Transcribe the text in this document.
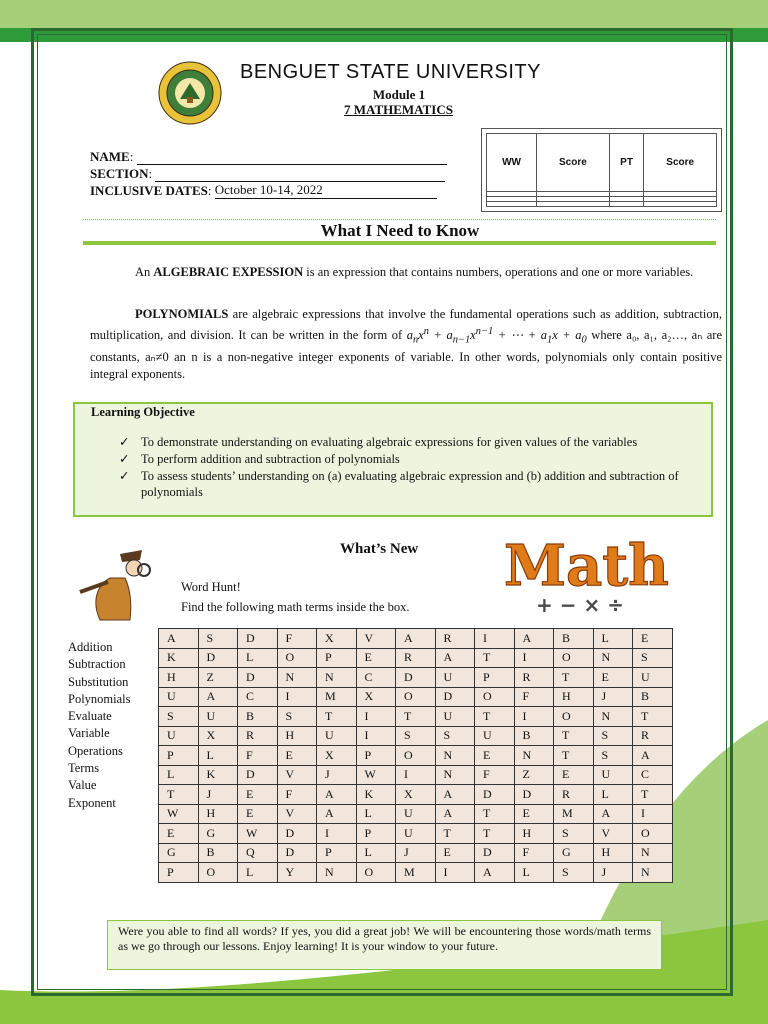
BENGUET STATE UNIVERSITY
Module 1
7 MATHEMATICS
WW	Score	PT	Score

NAME:
SECTION:
INCLUSIVE DATES: October 10-14, 2022
What I Need to Know
An ALGEBRAIC EXPESSION is an expression that contains numbers, operations and one or more variables.
POLYNOMIALS are algebraic expressions that involve the fundamental operations such as addition, subtraction, multiplication, and division. It can be written in the form of $a_nx^n + a_{n-1}x^{n-1}$ + ⋯ + $a_1x + a_0$ where a₀, a₁, a₂…, aₙ are constants, aₙ≠0 an n is a non-negative integer exponents of variable. In other words, polynomials only contain positive integral exponents.
Learning Objective
✓ To demonstrate understanding on evaluating algebraic expressions for given values of the variables
✓ To perform addition and subtraction of polynomials
✓ To assess students’ understanding on (a) evaluating algebraic expression and (b) addition and subtraction of polynomials
What’s New	Math
+ − × ÷
Word Hunt!
Find the following math terms inside the box.
Addition
Subtraction
Substitution
Polynomials
Evaluate
Variable
Operations
Terms
Value
Exponent
A	S	D	F	X	V	A	R	I	A	B	L	E
K	D	L	O	P	E	R	A	T	I	O	N	S
H	Z	D	N	N	C	D	U	P	R	T	E	U
U	A	C	I	M	X	O	D	O	F	H	J	B
S	U	B	S	T	I	T	U	T	I	O	N	T
U	X	R	H	U	I	S	S	U	B	T	S	R
P	L	F	E	X	P	O	N	E	N	T	S	A
L	K	D	V	J	W	I	N	F	Z	E	U	C
T	J	E	F	A	K	X	A	D	D	R	L	T
W	H	E	V	A	L	U	A	T	E	M	A	I
E	G	W	D	I	P	U	T	T	H	S	V	O
G	B	Q	D	P	L	J	E	D	F	G	H	N
P	O	L	Y	N	O	M	I	A	L	S	J	N
Were you able to find all words? If yes, you did a great job! We will be encountering those words/math terms as we go through our lessons. Enjoy learning! It is your window to your future.
